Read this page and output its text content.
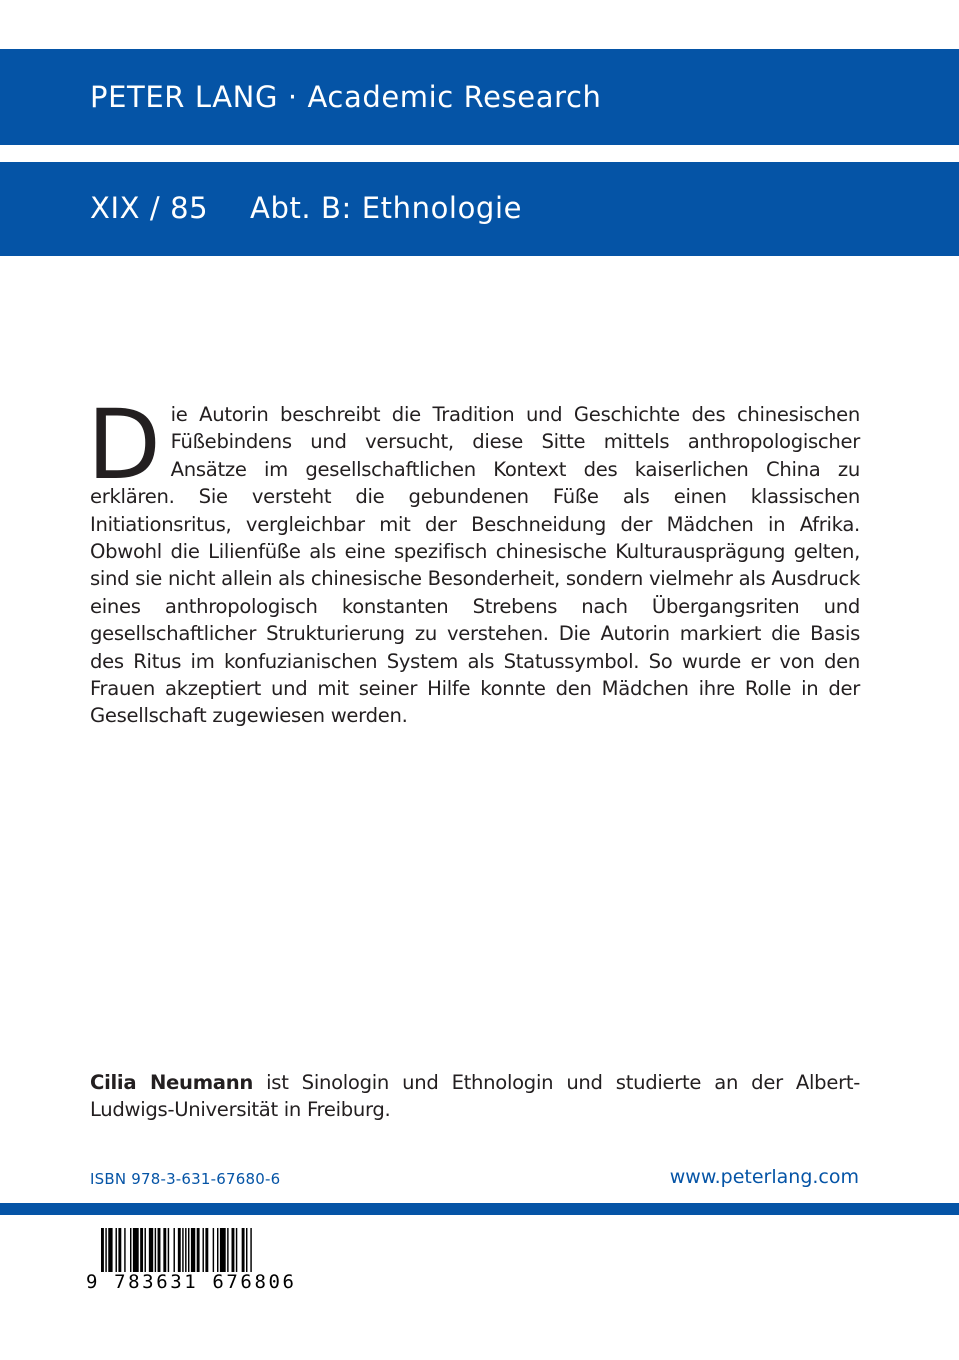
PETER LANG · Academic Research
XIX / 85 Abt. B: Ethnologie
Die Autorin beschreibt die Tradition und Geschichte des chinesischen Füßebindens und versucht, diese Sitte mittels anthropologischer Ansätze im gesellschaftlichen Kontext des kaiserlichen China zu erklären. Sie versteht die gebundenen Füße als einen klassischen Initiationsritus, vergleichbar mit der Beschneidung der Mädchen in Afrika. Obwohl die Lilienfüße als eine spezifisch chinesische Kulturausprägung gelten, sind sie nicht allein als chinesische Besonderheit, sondern vielmehr als Ausdruck eines anthropologisch konstanten Strebens nach Übergangsriten und gesellschaftlicher Strukturierung zu verstehen. Die Autorin markiert die Basis des Ritus im konfuzianischen System als Statussymbol. So wurde er von den Frauen akzeptiert und mit seiner Hilfe konnte den Mädchen ihre Rolle in der Gesellschaft zugewiesen werden.
Cilia Neumann ist Sinologin und Ethnologin und studierte an der Albert-Ludwigs-Universität in Freiburg.
ISBN 978-3-631-67680-6	www.peterlang.com
9 783631 676806
